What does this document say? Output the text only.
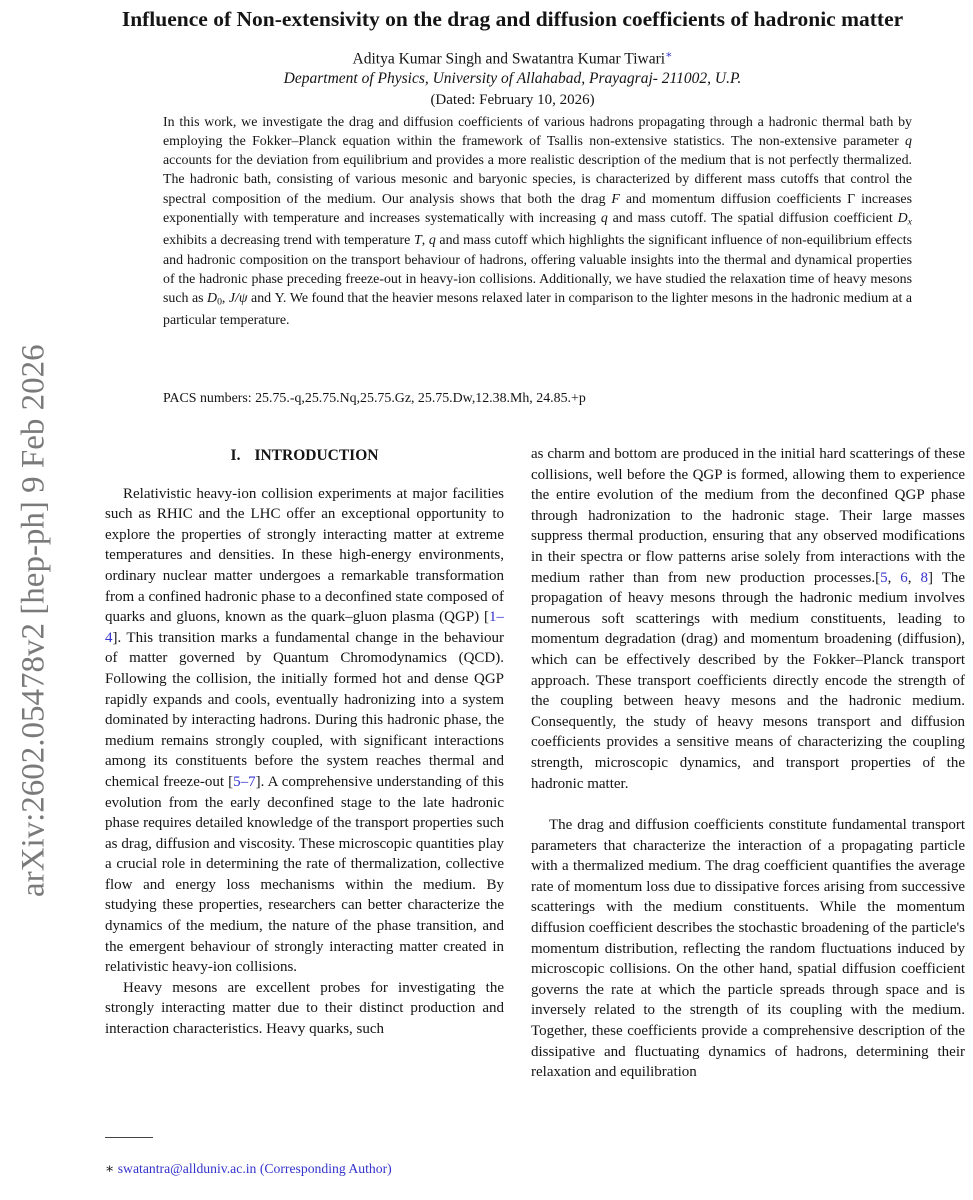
arXiv:2602.05478v2 [hep-ph] 9 Feb 2026
Influence of Non-extensivity on the drag and diffusion coefficients of hadronic matter
Aditya Kumar Singh and Swatantra Kumar Tiwari∗
Department of Physics, University of Allahabad, Prayagraj- 211002, U.P.
(Dated: February 10, 2026)
In this work, we investigate the drag and diffusion coefficients of various hadrons propagating through a hadronic thermal bath by employing the Fokker–Planck equation within the framework of Tsallis non-extensive statistics. The non-extensive parameter q accounts for the deviation from equilibrium and provides a more realistic description of the medium that is not perfectly thermalized. The hadronic bath, consisting of various mesonic and baryonic species, is characterized by different mass cutoffs that control the spectral composition of the medium. Our analysis shows that both the drag F and momentum diffusion coefficients Γ increases exponentially with temperature and increases systematically with increasing q and mass cutoff. The spatial diffusion coefficient Dx exhibits a decreasing trend with temperature T, q and mass cutoff which highlights the significant influence of non-equilibrium effects and hadronic composition on the transport behaviour of hadrons, offering valuable insights into the thermal and dynamical properties of the hadronic phase preceding freeze-out in heavy-ion collisions. Additionally, we have studied the relaxation time of heavy mesons such as D0, J/ψ and Υ. We found that the heavier mesons relaxed later in comparison to the lighter mesons in the hadronic medium at a particular temperature.
PACS numbers: 25.75.-q,25.75.Nq,25.75.Gz, 25.75.Dw,12.38.Mh, 24.85.+p
I. INTRODUCTION

Relativistic heavy-ion collision experiments at major facilities such as RHIC and the LHC offer an exceptional opportunity to explore the properties of strongly interacting matter at extreme temperatures and densities. In these high-energy environments, ordinary nuclear matter undergoes a remarkable transformation from a confined hadronic phase to a deconfined state composed of quarks and gluons, known as the quark–gluon plasma (QGP) [1–4]. This transition marks a fundamental change in the behaviour of matter governed by Quantum Chromodynamics (QCD). Following the collision, the initially formed hot and dense QGP rapidly expands and cools, eventually hadronizing into a system dominated by interacting hadrons. During this hadronic phase, the medium remains strongly coupled, with significant interactions among its constituents before the system reaches thermal and chemical freeze-out [5–7]. A comprehensive understanding of this evolution from the early deconfined stage to the late hadronic phase requires detailed knowledge of the transport properties such as drag, diffusion and viscosity. These microscopic quantities play a crucial role in determining the rate of thermalization, collective flow and energy loss mechanisms within the medium. By studying these properties, researchers can better characterize the dynamics of the medium, the nature of the phase transition, and the emergent behaviour of strongly interacting matter created in relativistic heavy-ion collisions.

Heavy mesons are excellent probes for investigating the strongly interacting matter due to their distinct production and interaction characteristics. Heavy quarks, such

as charm and bottom are produced in the initial hard scatterings of these collisions, well before the QGP is formed, allowing them to experience the entire evolution of the medium from the deconfined QGP phase through hadronization to the hadronic stage. Their large masses suppress thermal production, ensuring that any observed modifications in their spectra or flow patterns arise solely from interactions with the medium rather than from new production processes.[5, 6, 8] The propagation of heavy mesons through the hadronic medium involves numerous soft scatterings with medium constituents, leading to momentum degradation (drag) and momentum broadening (diffusion), which can be effectively described by the Fokker–Planck transport approach. These transport coefficients directly encode the strength of the coupling between heavy mesons and the hadronic medium. Consequently, the study of heavy mesons transport and diffusion coefficients provides a sensitive means of characterizing the coupling strength, microscopic dynamics, and transport properties of the hadronic matter.

The drag and diffusion coefficients constitute fundamental transport parameters that characterize the interaction of a propagating particle with a thermalized medium. The drag coefficient quantifies the average rate of momentum loss due to dissipative forces arising from successive scatterings with the medium constituents. While the momentum diffusion coefficient describes the stochastic broadening of the particle's momentum distribution, reflecting the random fluctuations induced by microscopic collisions. On the other hand, spatial diffusion coefficient governs the rate at which the particle spreads through space and is inversely related to the strength of its coupling with the medium. Together, these coefficients provide a comprehensive description of the dissipative and fluctuating dynamics of hadrons, determining their relaxation and equilibration

∗ swatantra@allduniv.ac.in (Corresponding Author)
